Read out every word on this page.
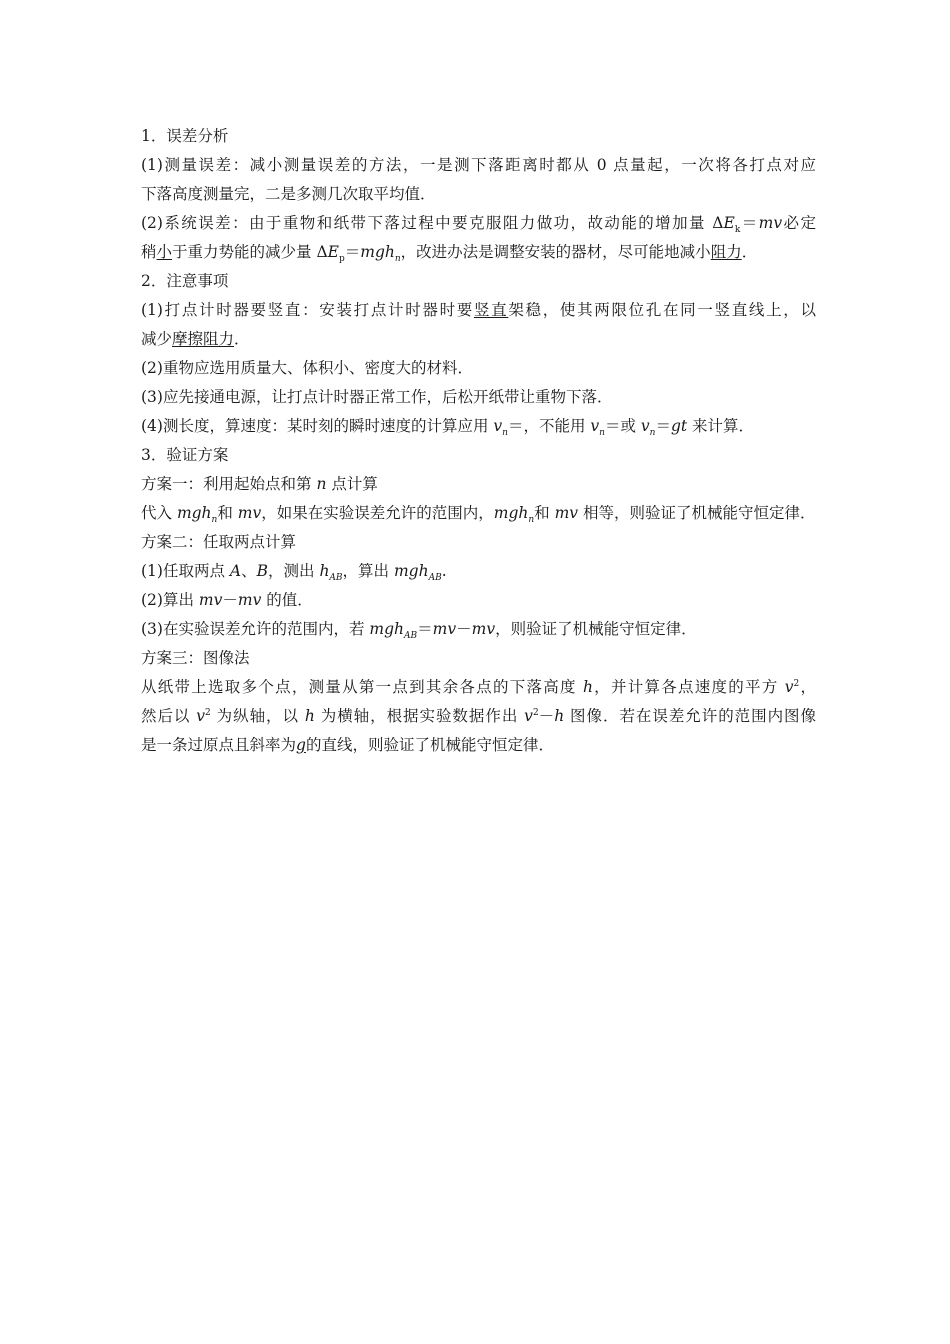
1．误差分析
(1)测量误差：减小测量误差的方法，一是测下落距离时都从 0 点量起，一次将各打点对应
下落高度测量完，二是多测几次取平均值．
(2)系统误差：由于重物和纸带下落过程中要克服阻力做功，故动能的增加量 $\Delta E_k=mv$必定
稍小于重力势能的减少量 $\Delta E_p=mgh_n$，改进办法是调整安装的器材，尽可能地减小阻力．
2．注意事项
(1)打点计时器要竖直：安装打点计时器时要竖直架稳，使其两限位孔在同一竖直线上，以
减少摩擦阻力．
(2)重物应选用质量大、体积小、密度大的材料．
(3)应先接通电源，让打点计时器正常工作，后松开纸带让重物下落．
(4)测长度，算速度：某时刻的瞬时速度的计算应用 $v_n=$，不能用 $v_n=$或 $v_n=gt$ 来计算．
3．验证方案
方案一：利用起始点和第 n 点计算
代入 mgh$_n$和 mv，如果在实验误差允许的范围内，mgh$_n$和 mv 相等，则验证了机械能守恒定律．
方案二：任取两点计算
(1)任取两点 A、B，测出 $h_{AB}$，算出 mgh$_{AB}$.
(2)算出 mv－mv 的值．
(3)在实验误差允许的范围内，若 mgh$_{AB}$＝mv－mv，则验证了机械能守恒定律．
方案三：图像法
从纸带上选取多个点，测量从第一点到其余各点的下落高度 h，并计算各点速度的平方 $v^2$，
然后以 $v^2$ 为纵轴，以 h 为横轴，根据实验数据作出 $v^2-h$ 图像．若在误差允许的范围内图像
是一条过原点且斜率为g的直线，则验证了机械能守恒定律．
